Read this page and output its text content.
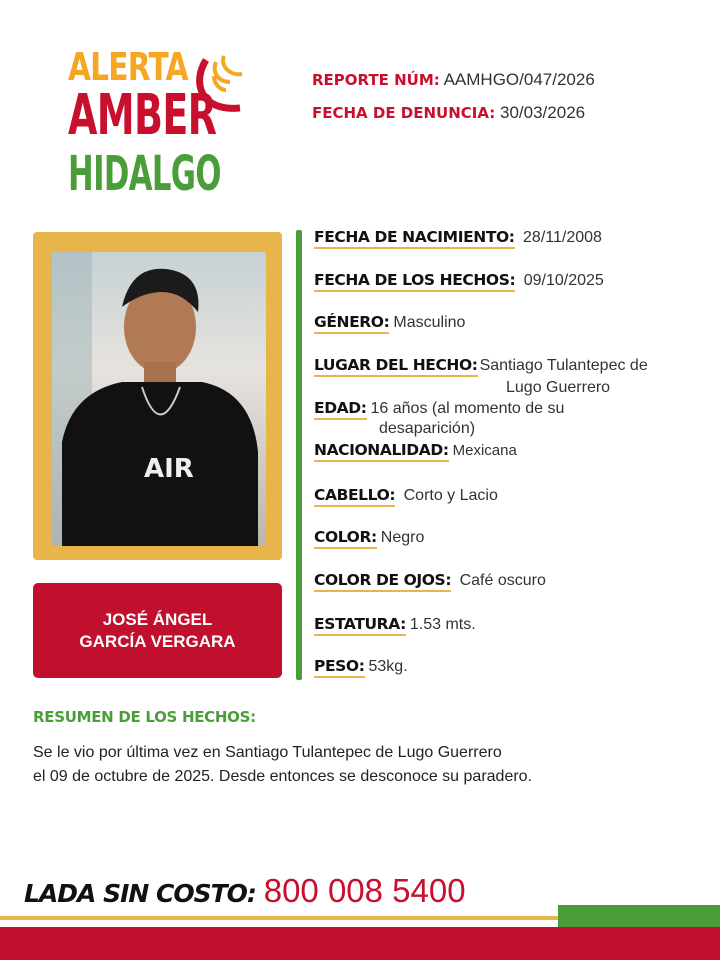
ALERTA
AMBER
HIDALGO
REPORTE NÚM: AAMHGO/047/2026
FECHA DE DENUNCIA: 30/03/2026
AIR
JOSÉ ÁNGEL
GARCÍA VERGARA
FECHA DE NACIMIENTO: 28/11/2008
FECHA DE LOS HECHOS: 09/10/2025
GÉNERO: Masculino
LUGAR DEL HECHO: Santiago Tulantepec de
Lugo Guerrero
EDAD: 16 años (al momento de su
desaparición)
NACIONALIDAD: Mexicana
CABELLO: Corto y Lacio
COLOR: Negro
COLOR DE OJOS: Café oscuro
ESTATURA: 1.53 mts.
PESO: 53kg.
RESUMEN DE LOS HECHOS:
Se le vio por última vez en Santiago Tulantepec de Lugo Guerrero
el 09 de octubre de 2025. Desde entonces se desconoce su paradero.
LADA SIN COSTO: 800 008 5400
